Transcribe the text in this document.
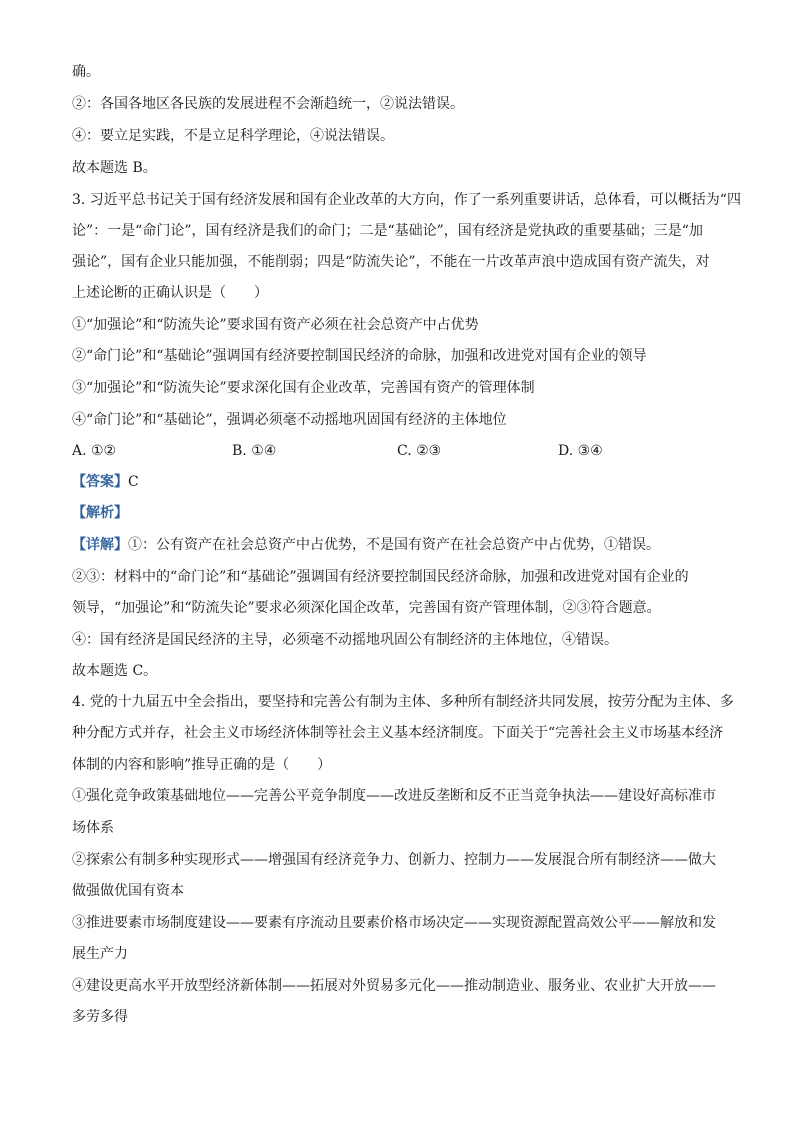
确。
②：各国各地区各民族的发展进程不会渐趋统一，②说法错误。
④：要立足实践，不是立足科学理论，④说法错误。
故本题选 B。
3. 习近平总书记关于国有经济发展和国有企业改革的大方向，作了一系列重要讲话，总体看，可以概括为“四
论”：一是“命门论”，国有经济是我们的命门；二是“基础论”，国有经济是党执政的重要基础；三是“加
强论”，国有企业只能加强，不能削弱；四是“防流失论”，不能在一片改革声浪中造成国有资产流失，对
上述论断的正确认识是（　　）
①“加强论”和“防流失论”要求国有资产必须在社会总资产中占优势
②“命门论”和“基础论”强调国有经济要控制国民经济的命脉，加强和改进党对国有企业的领导
③“加强论”和“防流失论”要求深化国有企业改革，完善国有资产的管理体制
④“命门论”和“基础论”，强调必须毫不动摇地巩固国有经济的主体地位
A. ①②	B. ①④	C. ②③	D. ③④
【答案】C
【解析】
【详解】①：公有资产在社会总资产中占优势，不是国有资产在社会总资产中占优势，①错误。
②③：材料中的“命门论”和“基础论”强调国有经济要控制国民经济命脉，加强和改进党对国有企业的
领导，“加强论”和“防流失论”要求必须深化国企改革，完善国有资产管理体制，②③符合题意。
④：国有经济是国民经济的主导，必须毫不动摇地巩固公有制经济的主体地位，④错误。
故本题选 C。
4. 党的十九届五中全会指出，要坚持和完善公有制为主体、多种所有制经济共同发展，按劳分配为主体、多
种分配方式并存，社会主义市场经济体制等社会主义基本经济制度。下面关于“完善社会主义市场基本经济
体制的内容和影响”推导正确的是（　　）
①强化竞争政策基础地位——完善公平竞争制度——改进反垄断和反不正当竞争执法——建设好高标准市
场体系
②探索公有制多种实现形式——增强国有经济竞争力、创新力、控制力——发展混合所有制经济——做大
做强做优国有资本
③推进要素市场制度建设——要素有序流动且要素价格市场决定——实现资源配置高效公平——解放和发
展生产力
④建设更高水平开放型经济新体制——拓展对外贸易多元化——推动制造业、服务业、农业扩大开放——
多劳多得
